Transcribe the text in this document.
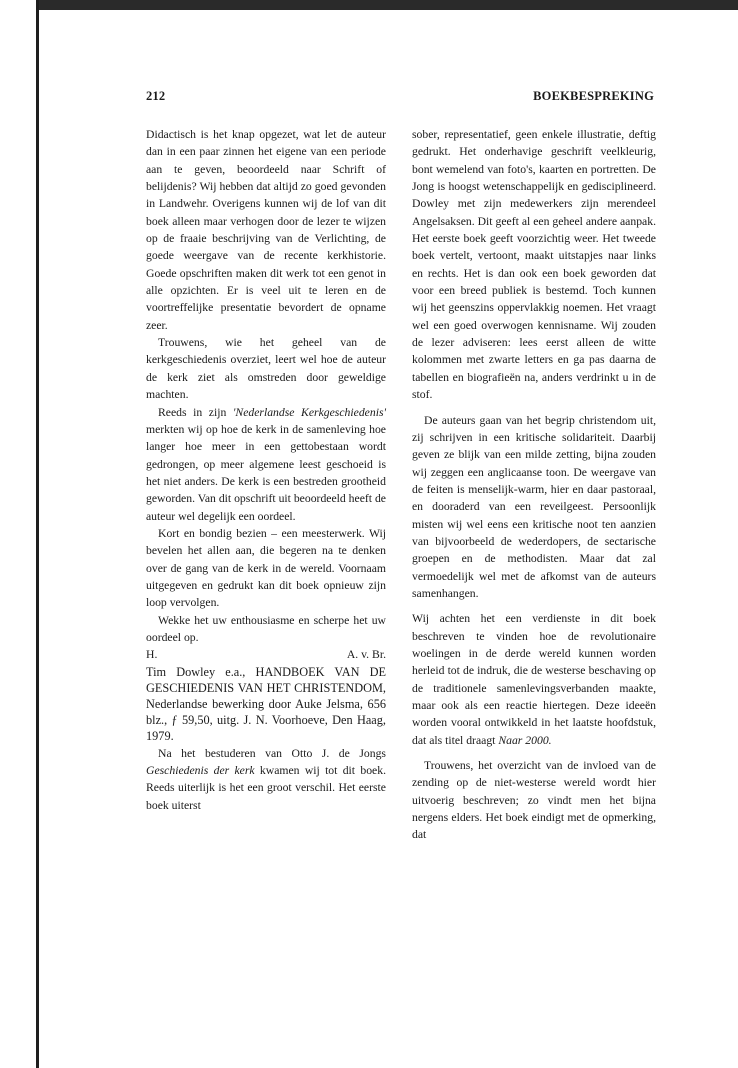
212	BOEKBESPREKING

Didactisch is het knap opgezet, wat let de auteur dan in een paar zinnen het eigene van een periode aan te geven, beoordeeld naar Schrift of belijdenis? Wij hebben dat altijd zo goed gevonden in Landwehr. Overigens kunnen wij de lof van dit boek alleen maar verhogen door de lezer te wijzen op de fraaie beschrijving van de Verlichting, de goede weergave van de recente kerkhistorie. Goede opschriften maken dit werk tot een genot in alle opzichten. Er is veel uit te leren en de voortreffelijke presentatie bevordert de opname zeer.

Trouwens, wie het geheel van de kerkgeschiedenis overziet, leert wel hoe de auteur de kerk ziet als omstreden door geweldige machten.

Reeds in zijn 'Nederlandse Kerkgeschiedenis' merkten wij op hoe de kerk in de samenleving hoe langer hoe meer in een gettobestaan wordt gedrongen, op meer algemene leest geschoeid is het niet anders. De kerk is een bestreden grootheid geworden. Van dit opschrift uit beoordeeld heeft de auteur wel degelijk een oordeel.

Kort en bondig bezien – een meesterwerk. Wij bevelen het allen aan, die begeren na te denken over de gang van de kerk in de wereld. Voornaam uitgegeven en gedrukt kan dit boek opnieuw zijn loop vervolgen.

Wekke het uw enthousiasme en scherpe het uw oordeel op.

H.	A. v. Br.

Tim Dowley e.a., HANDBOEK VAN DE GESCHIEDENIS VAN HET CHRISTENDOM, Nederlandse bewerking door Auke Jelsma, 656 blz., ƒ 59,50, uitg. J. N. Voorhoeve, Den Haag, 1979.

Na het bestuderen van Otto J. de Jongs Geschiedenis der kerk kwamen wij tot dit boek. Reeds uiterlijk is het een groot verschil. Het eerste boek uiterst

sober, representatief, geen enkele illustratie, deftig gedrukt. Het onderhavige geschrift veelkleurig, bont wemelend van foto's, kaarten en portretten. De Jong is hoogst wetenschappelijk en gedisciplineerd. Dowley met zijn medewerkers zijn merendeel Angelsaksen. Dit geeft al een geheel andere aanpak. Het eerste boek geeft voorzichtig weer. Het tweede boek vertelt, vertoont, maakt uitstapjes naar links en rechts. Het is dan ook een boek geworden dat voor een breed publiek is bestemd. Toch kunnen wij het geenszins oppervlakkig noemen. Het vraagt wel een goed overwogen kennisname. Wij zouden de lezer adviseren: lees eerst alleen de witte kolommen met zwarte letters en ga pas daarna de tabellen en biografieën na, anders verdrinkt u in de stof.

De auteurs gaan van het begrip christendom uit, zij schrijven in een kritische solidariteit. Daarbij geven ze blijk van een milde zetting, bijna zouden wij zeggen een anglicaanse toon. De weergave van de feiten is menselijk-warm, hier en daar pastoraal, en dooraderd van een reveilgeest. Persoonlijk misten wij wel eens een kritische noot ten aanzien van bijvoorbeeld de wederdopers, de sectarische groepen en de methodisten. Maar dat zal vermoedelijk wel met de afkomst van de auteurs samenhangen.

Wij achten het een verdienste in dit boek beschreven te vinden hoe de revolutionaire woelingen in de derde wereld kunnen worden herleid tot de indruk, die de westerse beschaving op de traditionele samenlevingsverbanden maakte, maar ook als een reactie hiertegen. Deze ideeën worden vooral ontwikkeld in het laatste hoofdstuk, dat als titel draagt Naar 2000.

Trouwens, het overzicht van de invloed van de zending op de niet-westerse wereld wordt hier uitvoerig beschreven; zo vindt men het bijna nergens elders. Het boek eindigt met de opmerking, dat
